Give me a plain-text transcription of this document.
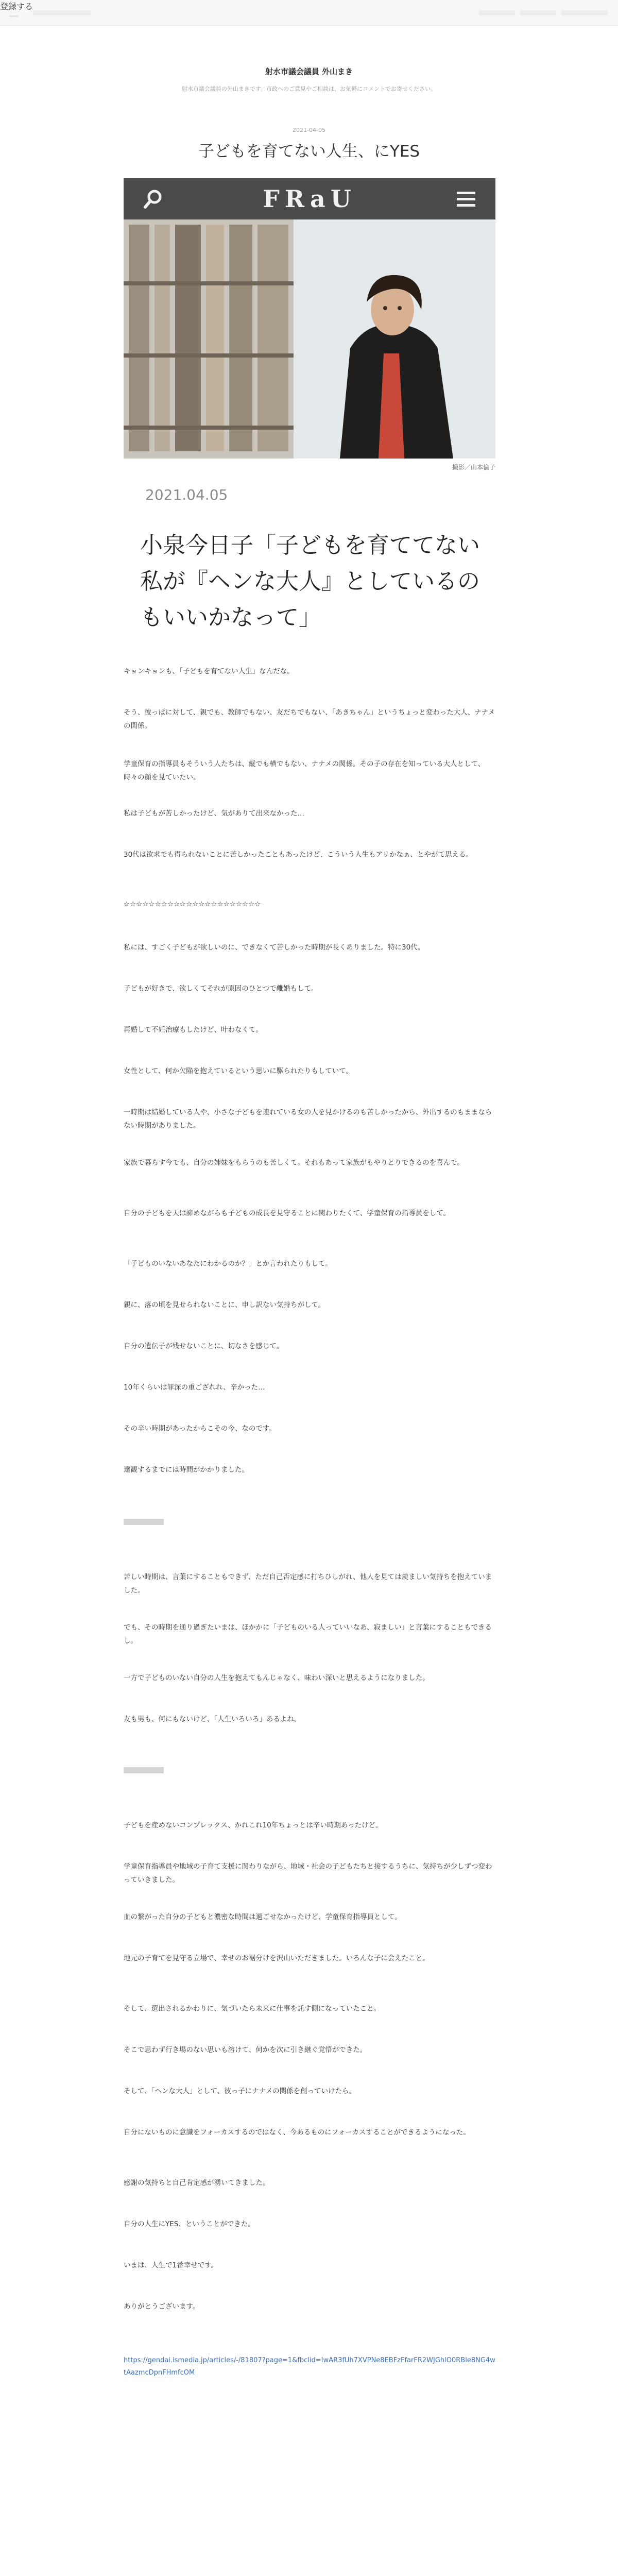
登録する
射水市議会議員 外山まき
射水市議会議員の外山まきです。市政へのご意見やご相談は、お気軽にコメントでお寄せください。
2021-04-05
子どもを育てない人生、にYES
FRaU
撮影／山本倫子
2021.04.05
小泉今日子「子どもを育ててない私が『ヘンな大人』としているのもいいかなって」
キョンキョンも、「子どもを育てない人生」なんだな。
そう、彼っぱに対して、親でも、教師でもない、友だちでもない、「あきちゃん」というちょっと変わった大人、ナナメの関係。
学童保育の指導員もそういう人たちは、縦でも横でもない、ナナメの関係。その子の存在を知っている大人として、時々の顔を見ていたい。
私は子どもが苦しかったけど、気がありて出来なかった…
30代は欲求でも得られないことに苦しかったこともあったけど、こういう人生もアリかなぁ、とやがて思える。
☆☆☆☆☆☆☆☆☆☆☆☆☆☆☆☆☆☆☆☆☆☆
私には、すごく子どもが欲しいのに、できなくて苦しかった時期が長くありました。特に30代。
子どもが好きで、欲しくてそれが原因のひとつで離婚もして。
再婚して不妊治療もしたけど、叶わなくて。
女性として、何か欠陥を抱えているという思いに駆られたりもしていて。
一時期は結婚している人や、小さな子どもを連れている女の人を見かけるのも苦しかったから、外出するのもままならない時期がありました。
家族で暮らす今でも、自分の姉妹をもらうのも苦しくて。それもあって家族がもやりとりできるのを喜んで。
自分の子どもを天は諦めながらも子どもの成長を見守ることに関わりたくて、学童保育の指導員をして。
「子どものいないあなたにわかるのか？」とか言われたりもして。
親に、落の頃を見せられないことに、申し訳ない気持ちがして。
自分の遺伝子が残せないことに、切なさを感じて。
10年くらいは罪深の重ござれれ、辛かった…
その辛い時期があったからこその今、なのです。
達観するまでには時間がかかりました。
苦しい時期は、言葉にすることもできず、ただ自己否定感に打ちひしがれ、他人を見ては羨ましい気持ちを抱えていました。
でも、その時期を通り過ぎたいまは、ほかかに「子どものいる人っていいなあ、寂ましい」と言葉にすることもできるし。
一方で子どものいない自分の人生を抱えてもんじゃなく、味わい深いと思えるようになりました。
友も男も、何にもないけど、「人生いろいろ」あるよね。
子どもを産めないコンプレックス、かれこれ10年ちょっとは辛い時期あったけど。
学童保育指導員や地域の子育て支援に関わりながら、地域・社会の子どもたちと接するうちに、気持ちが少しずつ変わっていきました。
血の繋がった自分の子どもと濃密な時間は過ごせなかったけど、学童保育指導員として。
地元の子育てを見守る立場で、幸せのお裾分けを沢山いただきました。いろんな子に会えたこと。
そして、選出されるかわりに、気づいたら未来に仕事を託す側になっていたこと。
そこで思わず行き場のない思いも溶けて、何かを次に引き継ぐ覚悟ができた。
そして、「ヘンな大人」として、彼っ子にナナメの関係を創っていけたら。
自分にないものに意識をフォーカスするのではなく、今あるものにフォーカスすることができるようになった。
感謝の気持ちと自己肯定感が湧いてきました。
自分の人生にYES、ということができた。
いまは、人生で1番幸せです。
ありがとうございます。
https://gendai.ismedia.jp/articles/-/81807?page=1&fbclid=IwAR3fUh7XVPNe8EBFzFfarFR2WJGhlO0RBle8NG4wtAazmcDpnFHmfcOM
